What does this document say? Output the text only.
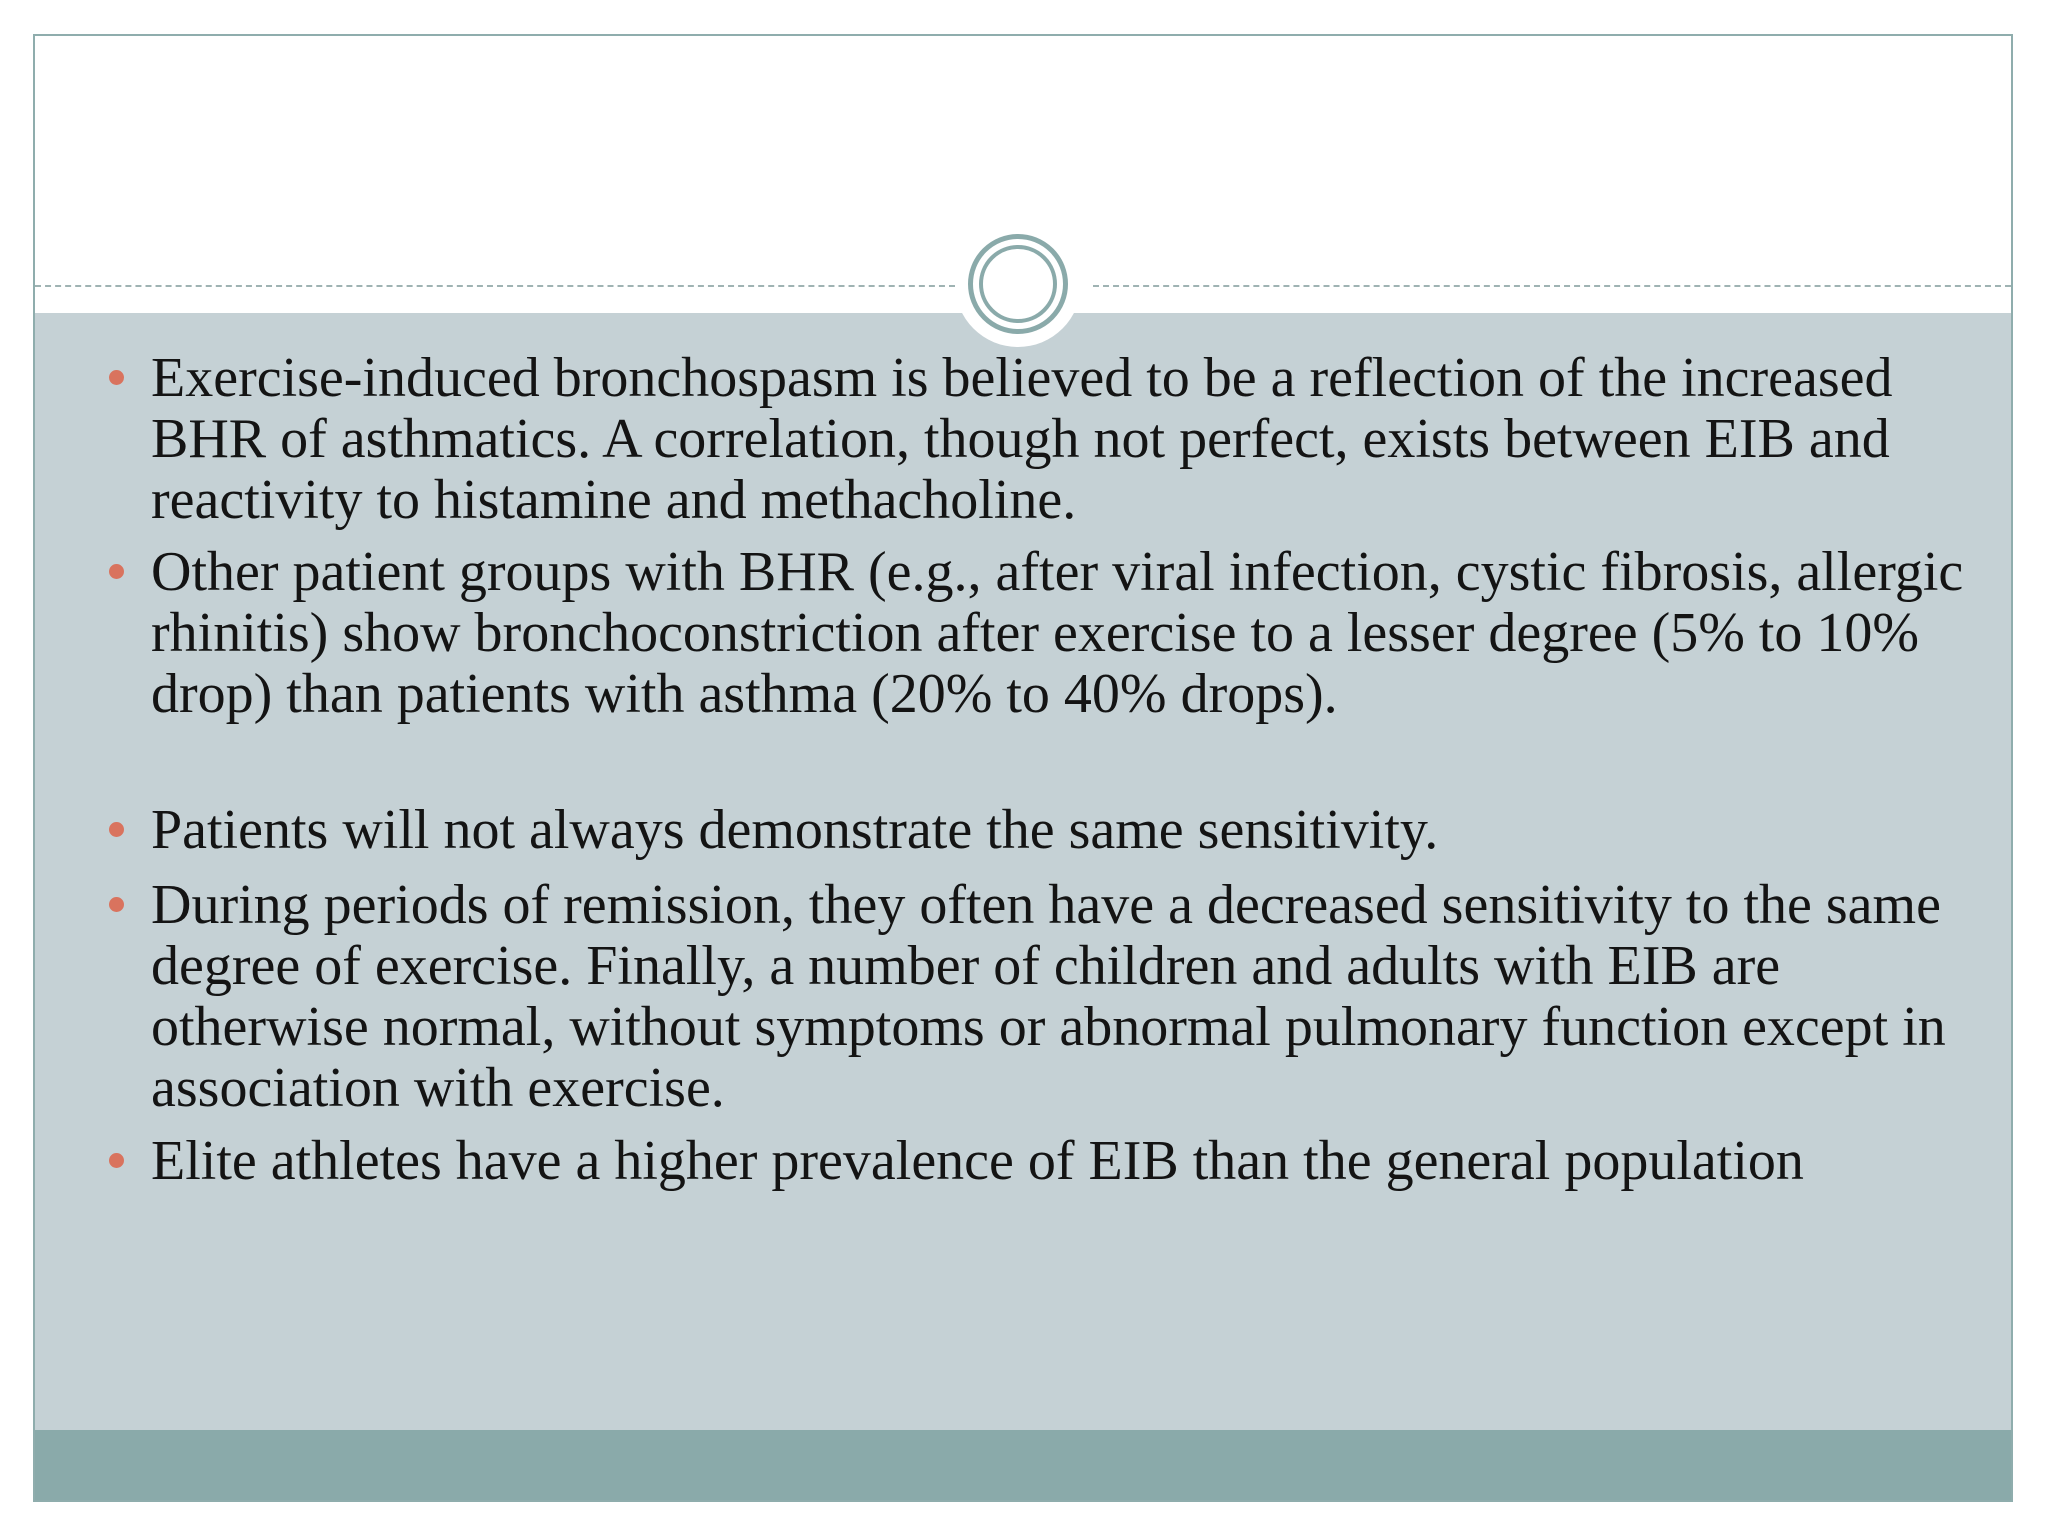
Exercise-induced bronchospasm is believed to be a reflection of the increased BHR of asthmatics. A correlation, though not perfect, exists between EIB and reactivity to histamine and methacholine.
Other patient groups with BHR (e.g., after viral infection, cystic fibrosis, allergic rhinitis) show bronchoconstriction after exercise to a lesser degree (5% to 10% drop) than patients with asthma (20% to 40% drops).
Patients will not always demonstrate the same sensitivity.
During periods of remission, they often have a decreased sensitivity to the same degree of exercise. Finally, a number of children and adults with EIB are otherwise normal, without symptoms or abnormal pulmonary function except in association with exercise.
Elite athletes have a higher prevalence of EIB than the general population
